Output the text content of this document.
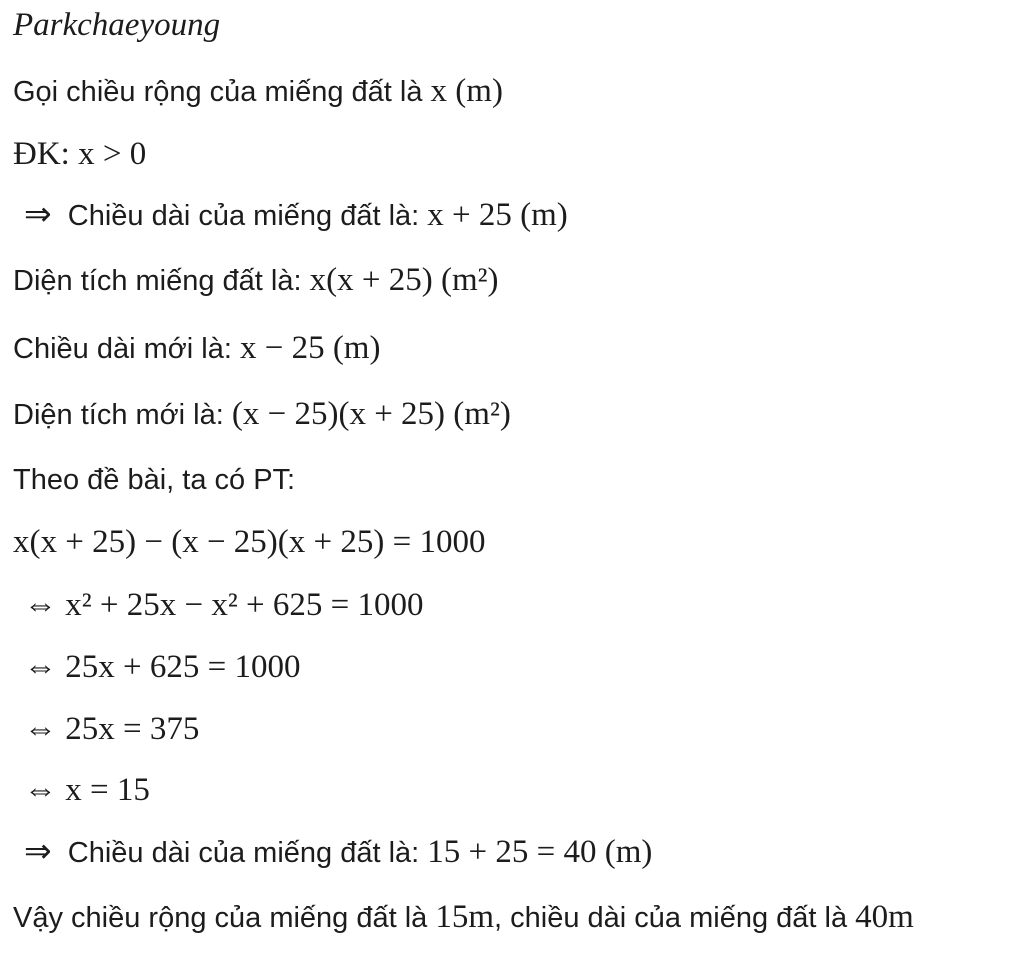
Parkchaeyoung
Gọi chiều rộng của miếng đất là x (m)
ĐK: x > 0
⇒ Chiều dài của miếng đất là: x + 25 (m)
Diện tích miếng đất là: x(x + 25) (m²)
Chiều dài mới là: x − 25 (m)
Diện tích mới là: (x − 25)(x + 25) (m²)
Theo đề bài, ta có PT:
x(x + 25) − (x − 25)(x + 25) = 1000
⇔ x² + 25x − x² + 625 = 1000
⇔ 25x + 625 = 1000
⇔ 25x = 375
⇔ x = 15
⇒ Chiều dài của miếng đất là: 15 + 25 = 40 (m)
Vậy chiều rộng của miếng đất là 15m, chiều dài của miếng đất là 40m
